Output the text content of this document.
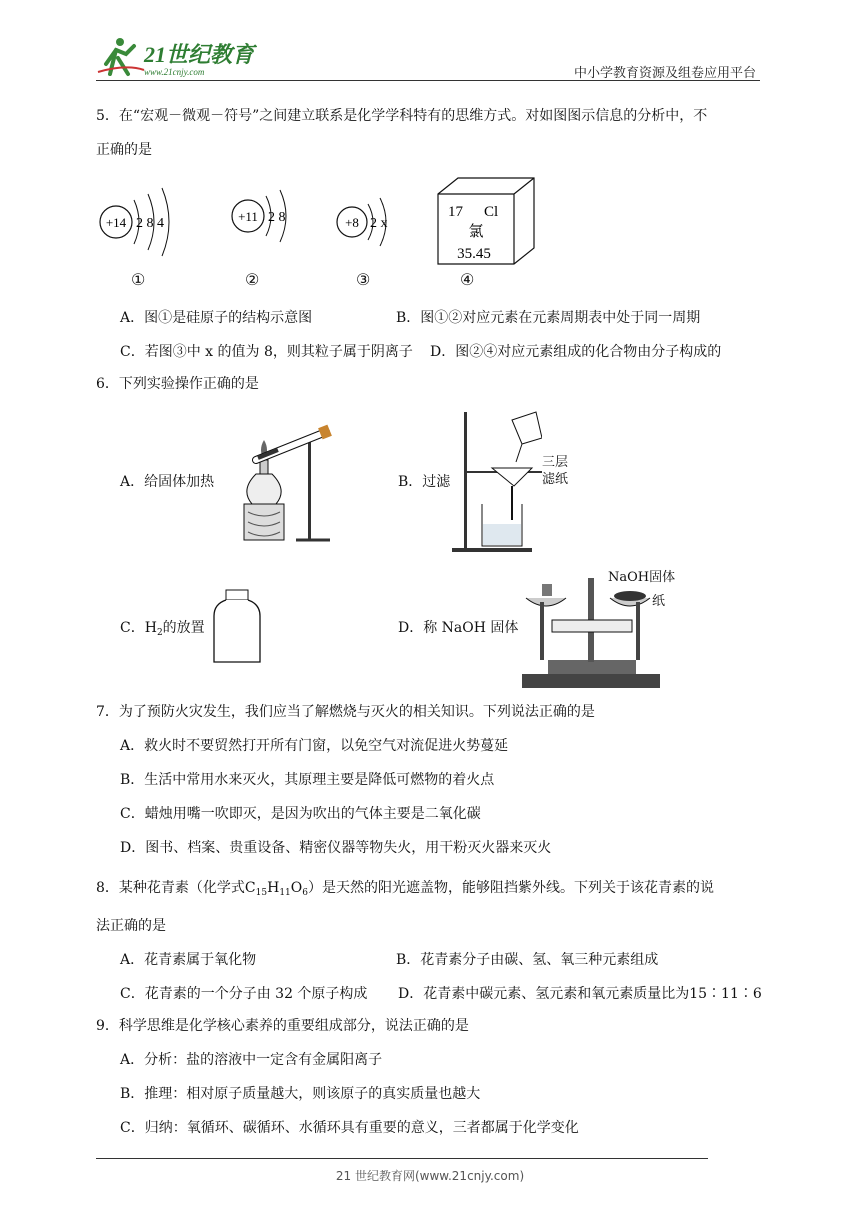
21世纪教育
www.21cnjy.com	中小学教育资源及组卷应用平台
5．在“宏观－微观－符号”之间建立联系是化学学科特有的思维方式。对如图图示信息的分析中，不
正确的是
+14 2 8 4
①
+11 2 8
②
+8 2 x
③
17 Cl
氯
35.45
④
A．图①是硅原子的结构示意图	B．图①②对应元素在元素周期表中处于同一周期
C．若图③中 x 的值为 8，则其粒子属于阴离子 D．图②④对应元素组成的化合物由分子构成的
6．下列实验操作正确的是
A．给固体加热	B．过滤
三层
滤纸
C．$H_2$的放置	D．称 NaOH 固体
NaOH固体
纸
7．为了预防火灾发生，我们应当了解燃烧与灭火的相关知识。下列说法正确的是
A．救火时不要贸然打开所有门窗，以免空气对流促进火势蔓延
B．生活中常用水来灭火，其原理主要是降低可燃物的着火点
C．蜡烛用嘴一吹即灭，是因为吹出的气体主要是二氧化碳
D．图书、档案、贵重设备、精密仪器等物失火，用干粉灭火器来灭火
8．某种花青素（化学式$C_{15}H_{11}O_6$）是天然的阳光遮盖物，能够阻挡紫外线。下列关于该花青素的说
法正确的是
A．花青素属于氧化物	B．花青素分子由碳、氢、氧三种元素组成
C．花青素的一个分子由 32 个原子构成 D．花青素中碳元素、氢元素和氧元素质量比为15∶11∶6
9．科学思维是化学核心素养的重要组成部分，说法正确的是
A．分析：盐的溶液中一定含有金属阳离子
B．推理：相对原子质量越大，则该原子的真实质量也越大
C．归纳：氧循环、碳循环、水循环具有重要的意义，三者都属于化学变化
21 世纪教育网(www.21cnjy.com)
